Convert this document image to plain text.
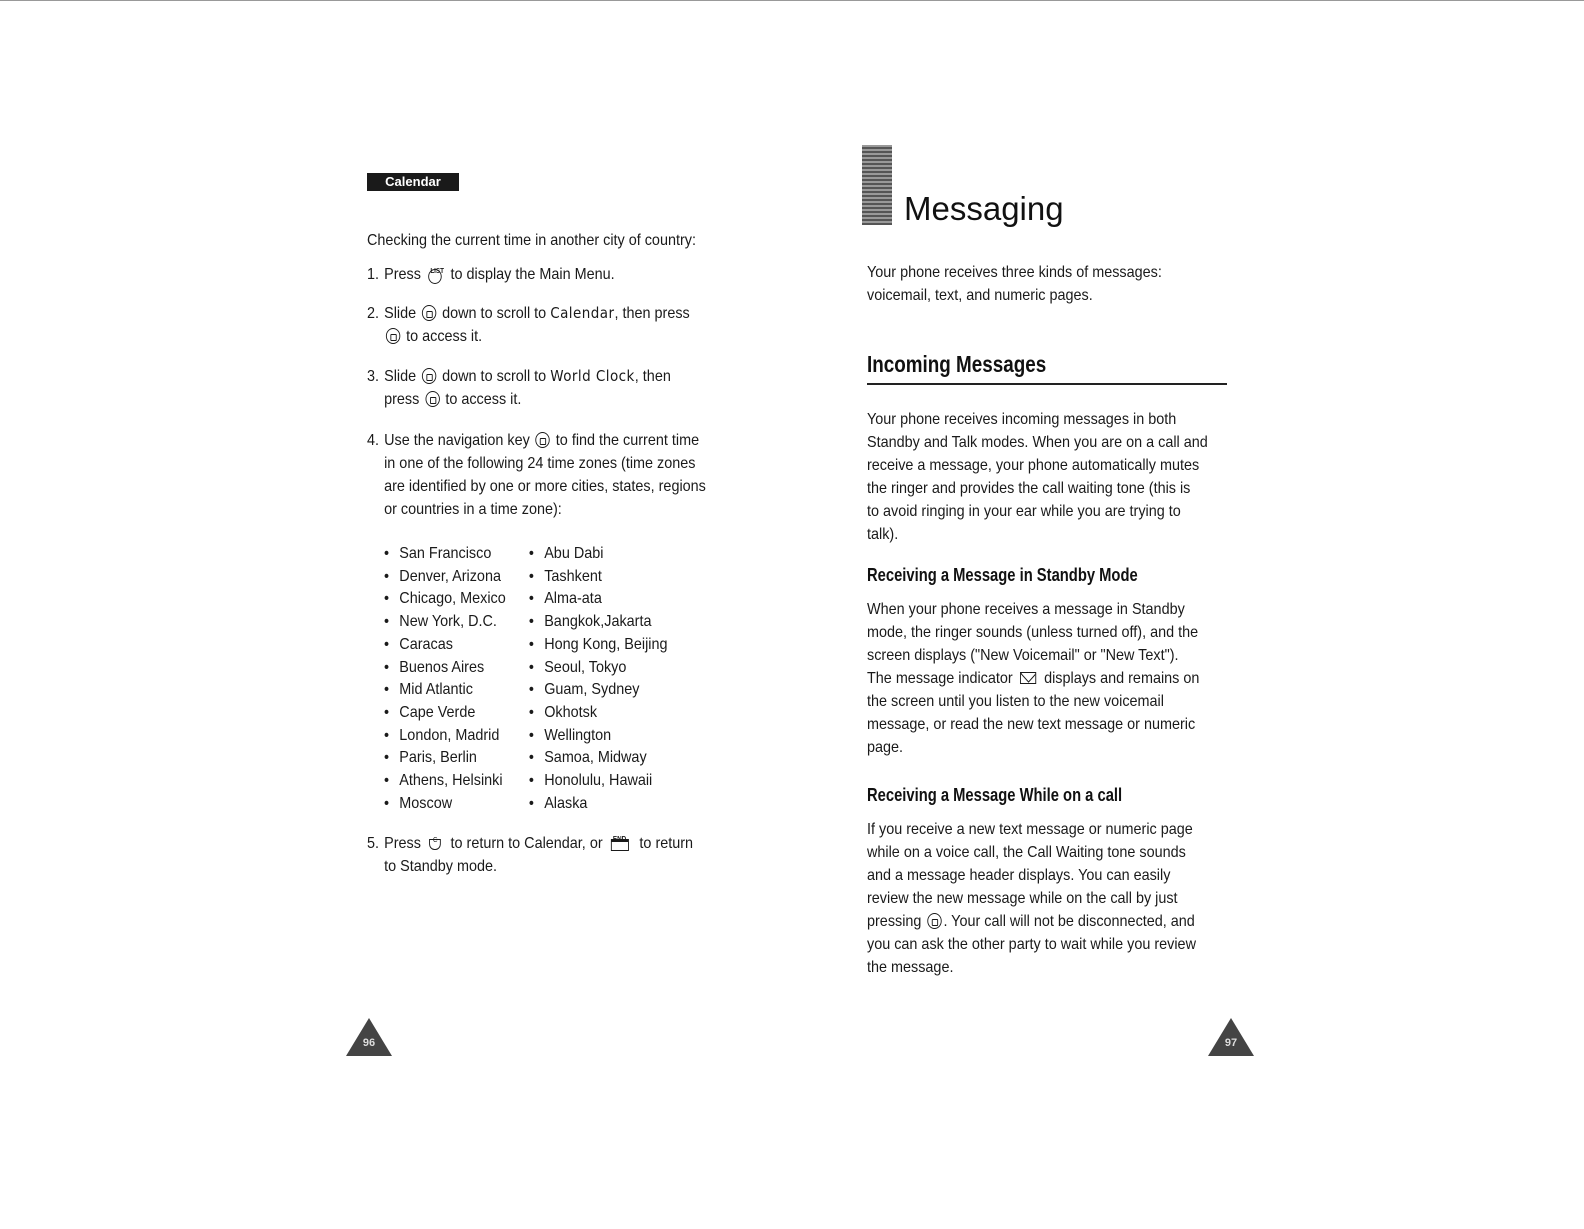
Calendar
Checking the current time in another city of country:
1. Press LIST to display the Main Menu.
2. Slide down to scroll to Calendar, then press
to access it.
3. Slide down to scroll to World Clock, then
press to access it.
4. Use the navigation key to find the current time
in one of the following 24 time zones (time zones
are identified by one or more cities, states, regions
or countries in a time zone):
• San Francisco
• Denver, Arizona
• Chicago, Mexico
• New York, D.C.
• Caracas
• Buenos Aires
• Mid Atlantic
• Cape Verde
• London, Madrid
• Paris, Berlin
• Athens, Helsinki
• Moscow
• Abu Dabi
• Tashkent
• Alma-ata
• Bangkok,Jakarta
• Hong Kong, Beijing
• Seoul, Tokyo
• Guam, Sydney
• Okhotsk
• Wellington
• Samoa, Midway
• Honolulu, Hawaii
• Alaska
5. Press C to return to Calendar, or END to return
to Standby mode.
96
Messaging
Your phone receives three kinds of messages:
voicemail, text, and numeric pages.
Incoming Messages
Your phone receives incoming messages in both
Standby and Talk modes. When you are on a call and
receive a message, your phone automatically mutes
the ringer and provides the call waiting tone (this is
to avoid ringing in your ear while you are trying to
talk).
Receiving a Message in Standby Mode
When your phone receives a message in Standby
mode, the ringer sounds (unless turned off), and the
screen displays ("New Voicemail" or "New Text").
The message indicator displays and remains on
the screen until you listen to the new voicemail
message, or read the new text message or numeric
page.
Receiving a Message While on a call
If you receive a new text message or numeric page
while on a voice call, the Call Waiting tone sounds
and a message header displays. You can easily
review the new message while on the call by just
pressing . Your call will not be disconnected, and
you can ask the other party to wait while you review
the message.
97
